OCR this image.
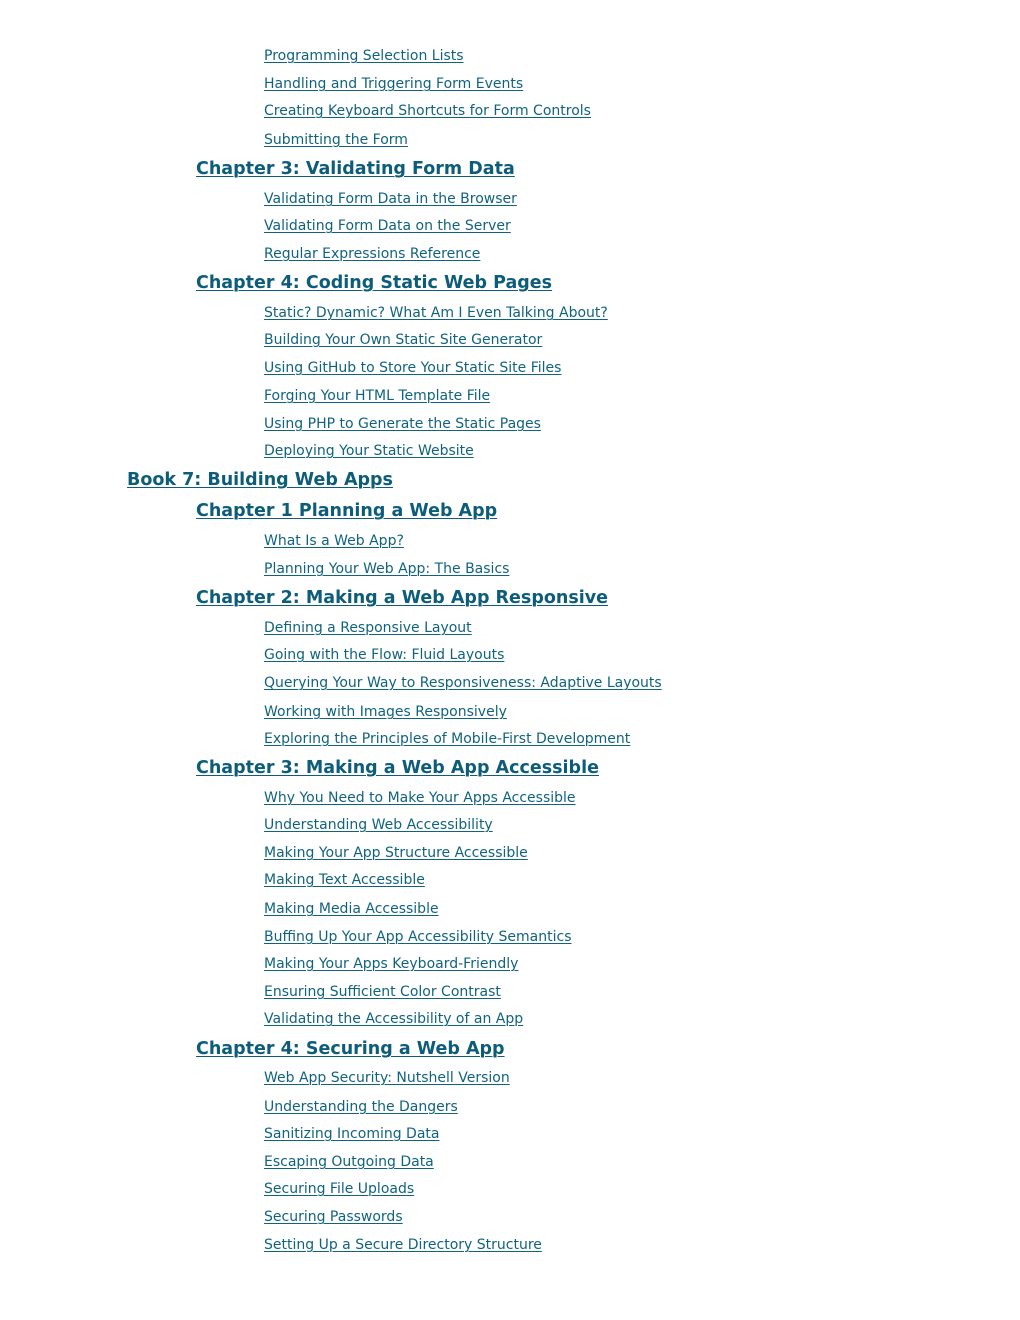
Programming Selection Lists
Handling and Triggering Form Events
Creating Keyboard Shortcuts for Form Controls
Submitting the Form
Chapter 3: Validating Form Data
Validating Form Data in the Browser
Validating Form Data on the Server
Regular Expressions Reference
Chapter 4: Coding Static Web Pages
Static? Dynamic? What Am I Even Talking About?
Building Your Own Static Site Generator
Using GitHub to Store Your Static Site Files
Forging Your HTML Template File
Using PHP to Generate the Static Pages
Deploying Your Static Website
Book 7: Building Web Apps
Chapter 1 Planning a Web App
What Is a Web App?
Planning Your Web App: The Basics
Chapter 2: Making a Web App Responsive
Defining a Responsive Layout
Going with the Flow: Fluid Layouts
Querying Your Way to Responsiveness: Adaptive Layouts
Working with Images Responsively
Exploring the Principles of Mobile-First Development
Chapter 3: Making a Web App Accessible
Why You Need to Make Your Apps Accessible
Understanding Web Accessibility
Making Your App Structure Accessible
Making Text Accessible
Making Media Accessible
Buffing Up Your App Accessibility Semantics
Making Your Apps Keyboard-Friendly
Ensuring Sufficient Color Contrast
Validating the Accessibility of an App
Chapter 4: Securing a Web App
Web App Security: Nutshell Version
Understanding the Dangers
Sanitizing Incoming Data
Escaping Outgoing Data
Securing File Uploads
Securing Passwords
Setting Up a Secure Directory Structure
